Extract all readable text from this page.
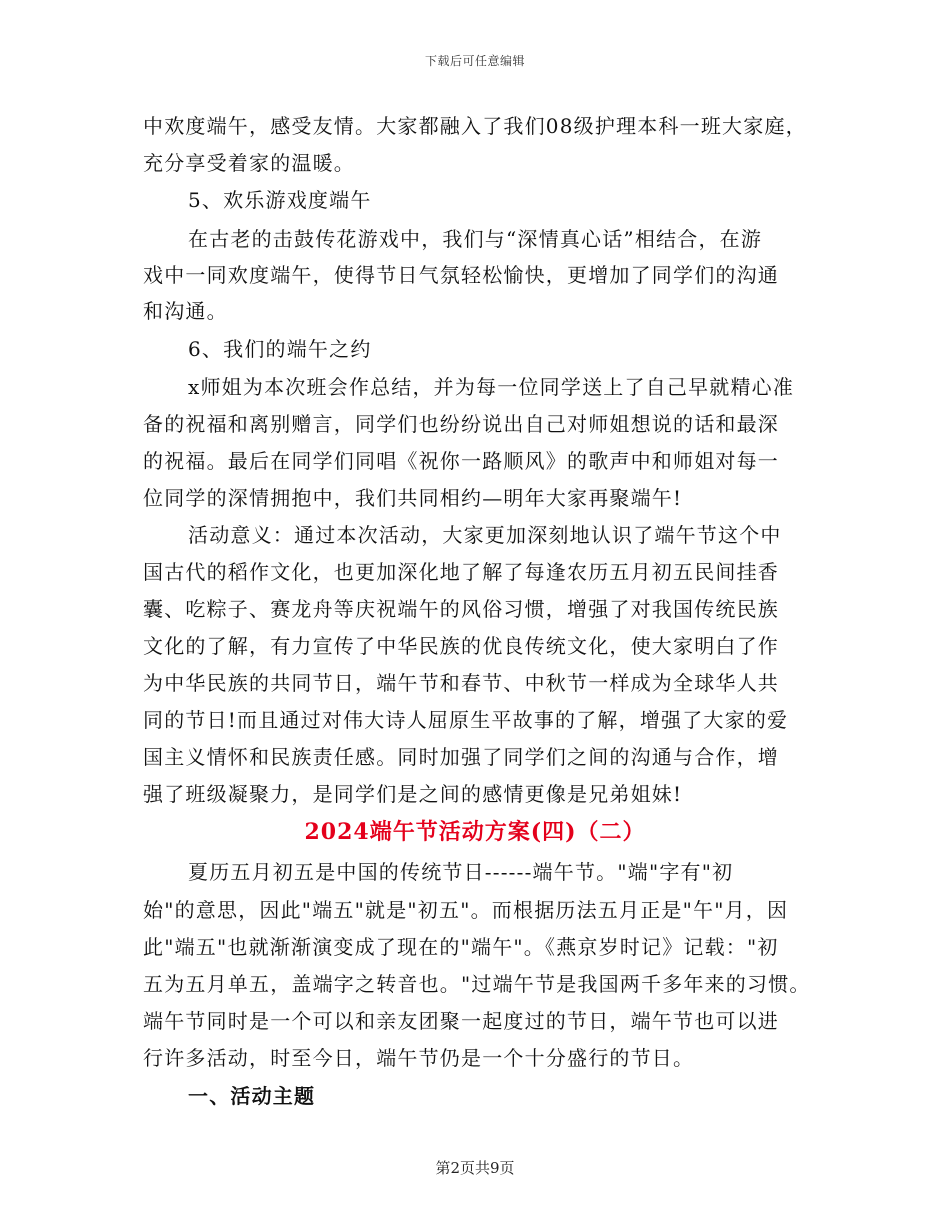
下载后可任意编辑
中欢度端午，感受友情。大家都融入了我们08级护理本科一班大家庭，
充分享受着家的温暖。
5、欢乐游戏度端午
在古老的击鼓传花游戏中，我们与“深情真心话”相结合，在游
戏中一同欢度端午，使得节日气氛轻松愉快，更增加了同学们的沟通
和沟通。
6、我们的端午之约
x师姐为本次班会作总结，并为每一位同学送上了自己早就精心准
备的祝福和离别赠言，同学们也纷纷说出自己对师姐想说的话和最深
的祝福。最后在同学们同唱《祝你一路顺风》的歌声中和师姐对每一
位同学的深情拥抱中，我们共同相约—明年大家再聚端午!
活动意义：通过本次活动，大家更加深刻地认识了端午节这个中
国古代的稻作文化，也更加深化地了解了每逢农历五月初五民间挂香
囊、吃粽子、赛龙舟等庆祝端午的风俗习惯，增强了对我国传统民族
文化的了解，有力宣传了中华民族的优良传统文化，使大家明白了作
为中华民族的共同节日，端午节和春节、中秋节一样成为全球华人共
同的节日!而且通过对伟大诗人屈原生平故事的了解，增强了大家的爱
国主义情怀和民族责任感。同时加强了同学们之间的沟通与合作，增
强了班级凝聚力，是同学们是之间的感情更像是兄弟姐妹!
2024端午节活动方案(四)（二）
夏历五月初五是中国的传统节日------端午节。"端"字有"初
始"的意思，因此"端五"就是"初五"。而根据历法五月正是"午"月，因
此"端五"也就渐渐演变成了现在的"端午"。《燕京岁时记》记载："初
五为五月单五，盖端字之转音也。"过端午节是我国两千多年来的习惯。
端午节同时是一个可以和亲友团聚一起度过的节日，端午节也可以进
行许多活动，时至今日，端午节仍是一个十分盛行的节日。
一、活动主题
第2页共9页
